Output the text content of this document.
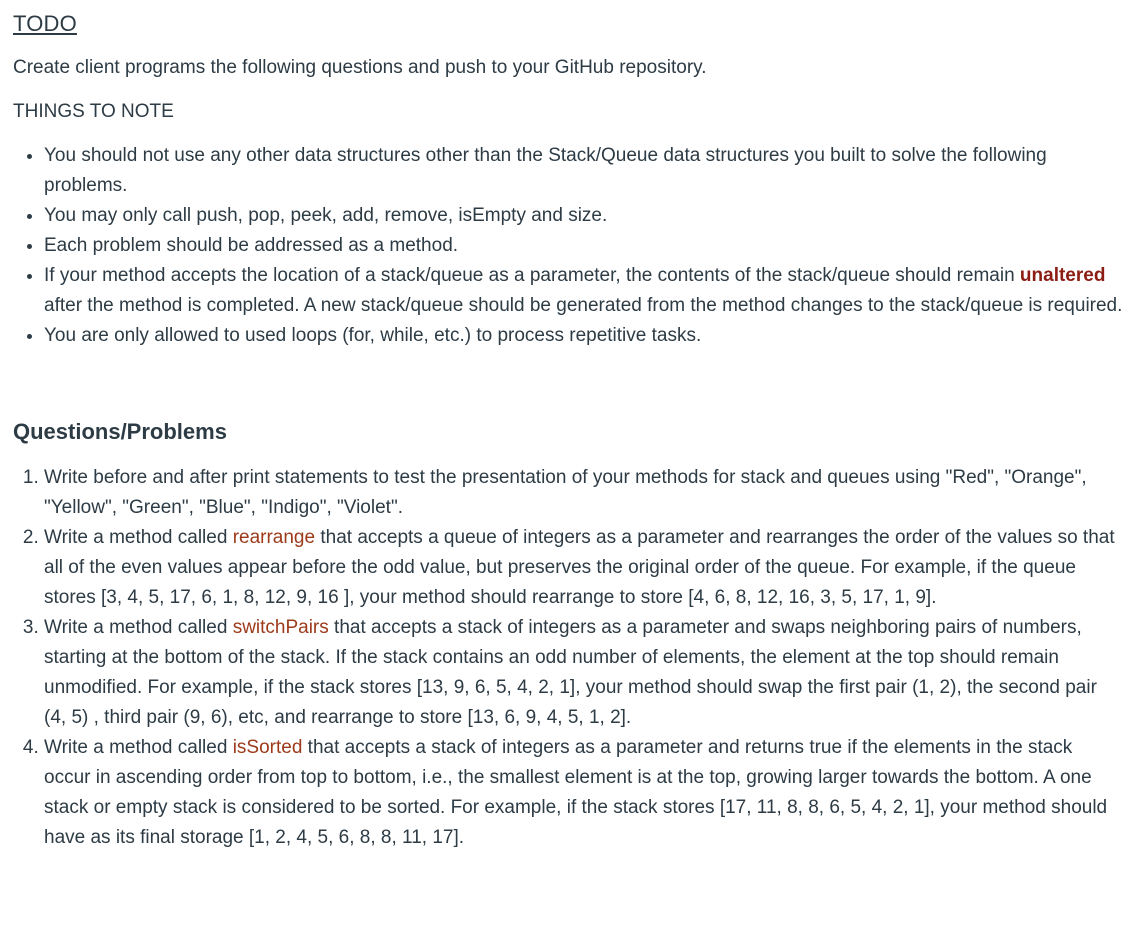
TODO

Create client programs the following questions and push to your GitHub repository.

THINGS TO NOTE

• You should not use any other data structures other than the Stack/Queue data structures you built to solve the following problems.
• You may only call push, pop, peek, add, remove, isEmpty and size.
• Each problem should be addressed as a method.
• If your method accepts the location of a stack/queue as a parameter, the contents of the stack/queue should remain unaltered after the method is completed. A new stack/queue should be generated from the method changes to the stack/queue is required.
• You are only allowed to used loops (for, while, etc.) to process repetitive tasks.
Questions/Problems
1. Write before and after print statements to test the presentation of your methods for stack and queues using "Red", "Orange", "Yellow", "Green", "Blue", "Indigo", "Violet".
2. Write a method called rearrange that accepts a queue of integers as a parameter and rearranges the order of the values so that all of the even values appear before the odd value, but preserves the original order of the queue. For example, if the queue stores [3, 4, 5, 17, 6, 1, 8, 12, 9, 16 ], your method should rearrange to store [4, 6, 8, 12, 16, 3, 5, 17, 1, 9].
3. Write a method called switchPairs that accepts a stack of integers as a parameter and swaps neighboring pairs of numbers, starting at the bottom of the stack. If the stack contains an odd number of elements, the element at the top should remain unmodified. For example, if the stack stores [13, 9, 6, 5, 4, 2, 1], your method should swap the first pair (1, 2), the second pair (4, 5) , third pair (9, 6), etc, and rearrange to store [13, 6, 9, 4, 5, 1, 2].
4. Write a method called isSorted that accepts a stack of integers as a parameter and returns true if the elements in the stack occur in ascending order from top to bottom, i.e., the smallest element is at the top, growing larger towards the bottom. A one stack or empty stack is considered to be sorted. For example, if the stack stores [17, 11, 8, 8, 6, 5, 4, 2, 1], your method should have as its final storage [1, 2, 4, 5, 6, 8, 8, 11, 17].
